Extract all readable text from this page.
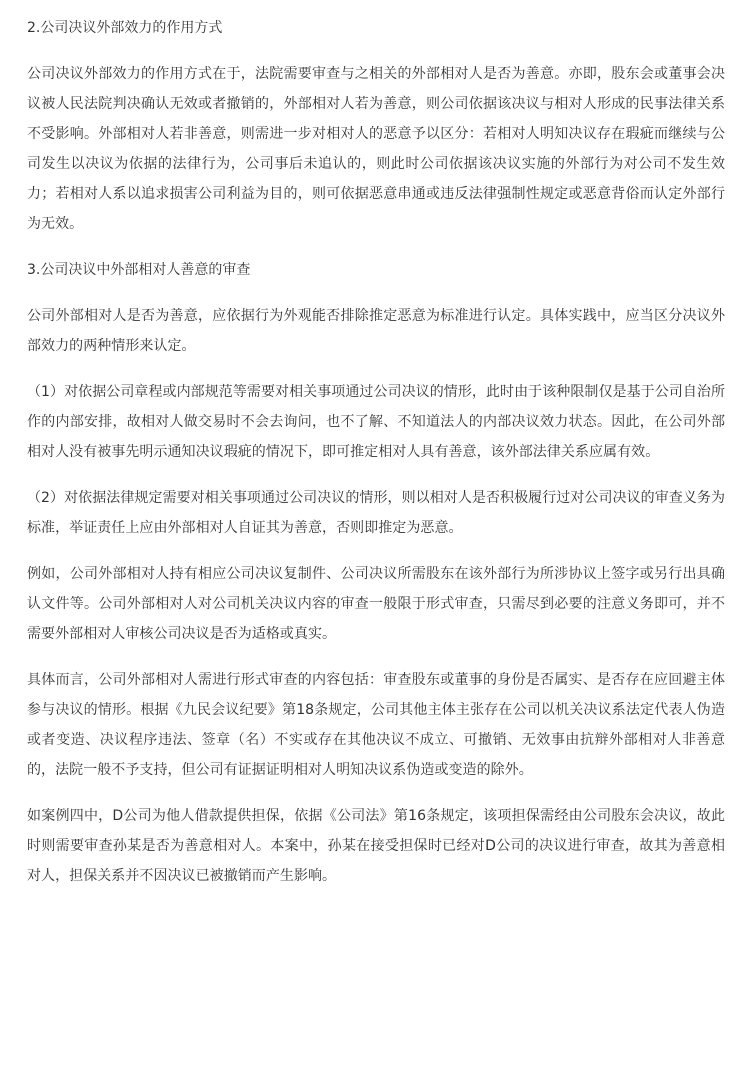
2.公司决议外部效力的作用方式
公司决议外部效力的作用方式在于，法院需要审查与之相关的外部相对人是否为善意。亦即，股东会或董事会决议被人民法院判决确认无效或者撤销的，外部相对人若为善意，则公司依据该决议与相对人形成的民事法律关系不受影响。外部相对人若非善意，则需进一步对相对人的恶意予以区分：若相对人明知决议存在瑕疵而继续与公司发生以决议为依据的法律行为，公司事后未追认的，则此时公司依据该决议实施的外部行为对公司不发生效力；若相对人系以追求损害公司利益为目的，则可依据恶意串通或违反法律强制性规定或恶意背俗而认定外部行为无效。
3.公司决议中外部相对人善意的审查
公司外部相对人是否为善意，应依据行为外观能否排除推定恶意为标准进行认定。具体实践中，应当区分决议外部效力的两种情形来认定。
（1）对依据公司章程或内部规范等需要对相关事项通过公司决议的情形，此时由于该种限制仅是基于公司自治所作的内部安排，故相对人做交易时不会去询问，也不了解、不知道法人的内部决议效力状态。因此，在公司外部相对人没有被事先明示通知决议瑕疵的情况下，即可推定相对人具有善意，该外部法律关系应属有效。
（2）对依据法律规定需要对相关事项通过公司决议的情形，则以相对人是否积极履行过对公司决议的审查义务为标准，举证责任上应由外部相对人自证其为善意，否则即推定为恶意。
例如，公司外部相对人持有相应公司决议复制件、公司决议所需股东在该外部行为所涉协议上签字或另行出具确认文件等。公司外部相对人对公司机关决议内容的审查一般限于形式审查，只需尽到必要的注意义务即可，并不需要外部相对人审核公司决议是否为适格或真实。
具体而言，公司外部相对人需进行形式审查的内容包括：审查股东或董事的身份是否属实、是否存在应回避主体参与决议的情形。根据《九民会议纪要》第18条规定，公司其他主体主张存在公司以机关决议系法定代表人伪造或者变造、决议程序违法、签章（名）不实或存在其他决议不成立、可撤销、无效事由抗辩外部相对人非善意的，法院一般不予支持，但公司有证据证明相对人明知决议系伪造或变造的除外。
如案例四中，D公司为他人借款提供担保，依据《公司法》第16条规定，该项担保需经由公司股东会决议，故此时则需要审查孙某是否为善意相对人。本案中，孙某在接受担保时已经对D公司的决议进行审查，故其为善意相对人，担保关系并不因决议已被撤销而产生影响。
